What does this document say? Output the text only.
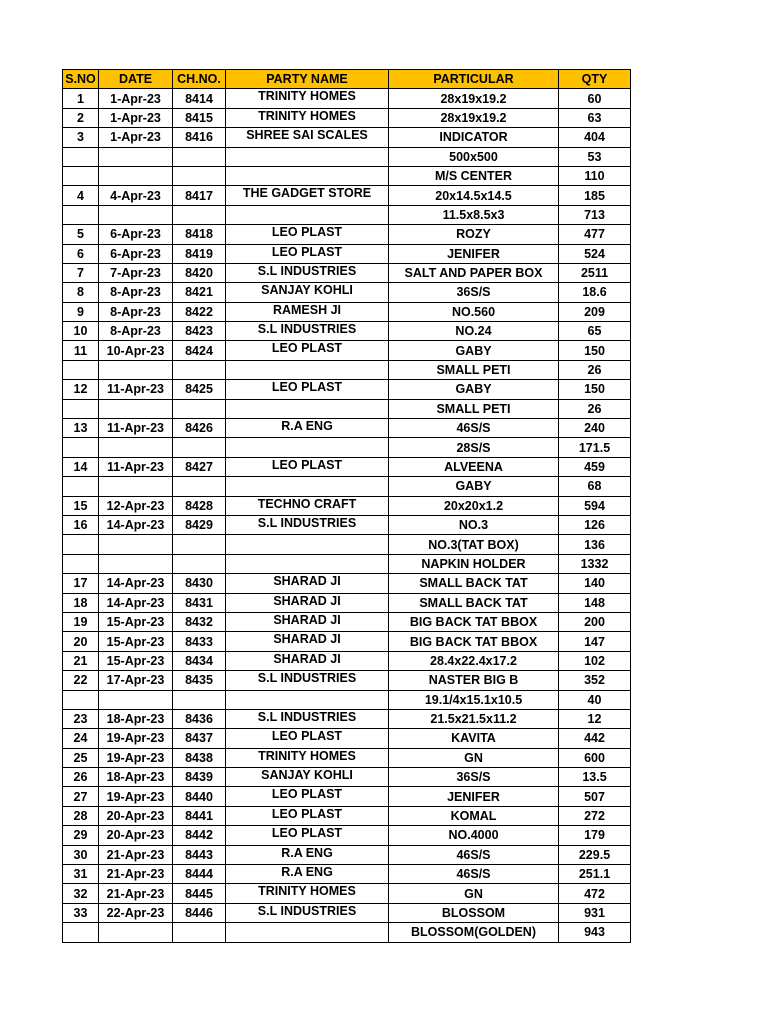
S.NO	DATE	CH.NO.	PARTY NAME	PARTICULAR	QTY
1	1-Apr-23	8414	TRINITY HOMES	28x19x19.2	60
2	1-Apr-23	8415	TRINITY HOMES	28x19x19.2	63
3	1-Apr-23	8416	SHREE SAI SCALES	INDICATOR	404
				500x500	53
				M/S CENTER	110
4	4-Apr-23	8417	THE GADGET STORE	20x14.5x14.5	185
				11.5x8.5x3	713
5	6-Apr-23	8418	LEO PLAST	ROZY	477
6	6-Apr-23	8419	LEO PLAST	JENIFER	524
7	7-Apr-23	8420	S.L INDUSTRIES	SALT AND PAPER BOX	2511
8	8-Apr-23	8421	SANJAY KOHLI	36S/S	18.6
9	8-Apr-23	8422	RAMESH JI	NO.560	209
10	8-Apr-23	8423	S.L INDUSTRIES	NO.24	65
11	10-Apr-23	8424	LEO PLAST	GABY	150
				SMALL PETI	26
12	11-Apr-23	8425	LEO PLAST	GABY	150
				SMALL PETI	26
13	11-Apr-23	8426	R.A ENG	46S/S	240
				28S/S	171.5
14	11-Apr-23	8427	LEO PLAST	ALVEENA	459
				GABY	68
15	12-Apr-23	8428	TECHNO CRAFT	20x20x1.2	594
16	14-Apr-23	8429	S.L INDUSTRIES	NO.3	126
				NO.3(TAT BOX)	136
				NAPKIN HOLDER	1332
17	14-Apr-23	8430	SHARAD JI	SMALL BACK TAT	140
18	14-Apr-23	8431	SHARAD JI	SMALL BACK TAT	148
19	15-Apr-23	8432	SHARAD JI	BIG BACK TAT BBOX	200
20	15-Apr-23	8433	SHARAD JI	BIG BACK TAT BBOX	147
21	15-Apr-23	8434	SHARAD JI	28.4x22.4x17.2	102
22	17-Apr-23	8435	S.L INDUSTRIES	NASTER BIG B	352
				19.1/4x15.1x10.5	40
23	18-Apr-23	8436	S.L INDUSTRIES	21.5x21.5x11.2	12
24	19-Apr-23	8437	LEO PLAST	KAVITA	442
25	19-Apr-23	8438	TRINITY HOMES	GN	600
26	18-Apr-23	8439	SANJAY KOHLI	36S/S	13.5
27	19-Apr-23	8440	LEO PLAST	JENIFER	507
28	20-Apr-23	8441	LEO PLAST	KOMAL	272
29	20-Apr-23	8442	LEO PLAST	NO.4000	179
30	21-Apr-23	8443	R.A ENG	46S/S	229.5
31	21-Apr-23	8444	R.A ENG	46S/S	251.1
32	21-Apr-23	8445	TRINITY HOMES	GN	472
33	22-Apr-23	8446	S.L INDUSTRIES	BLOSSOM	931
				BLOSSOM(GOLDEN)	943
